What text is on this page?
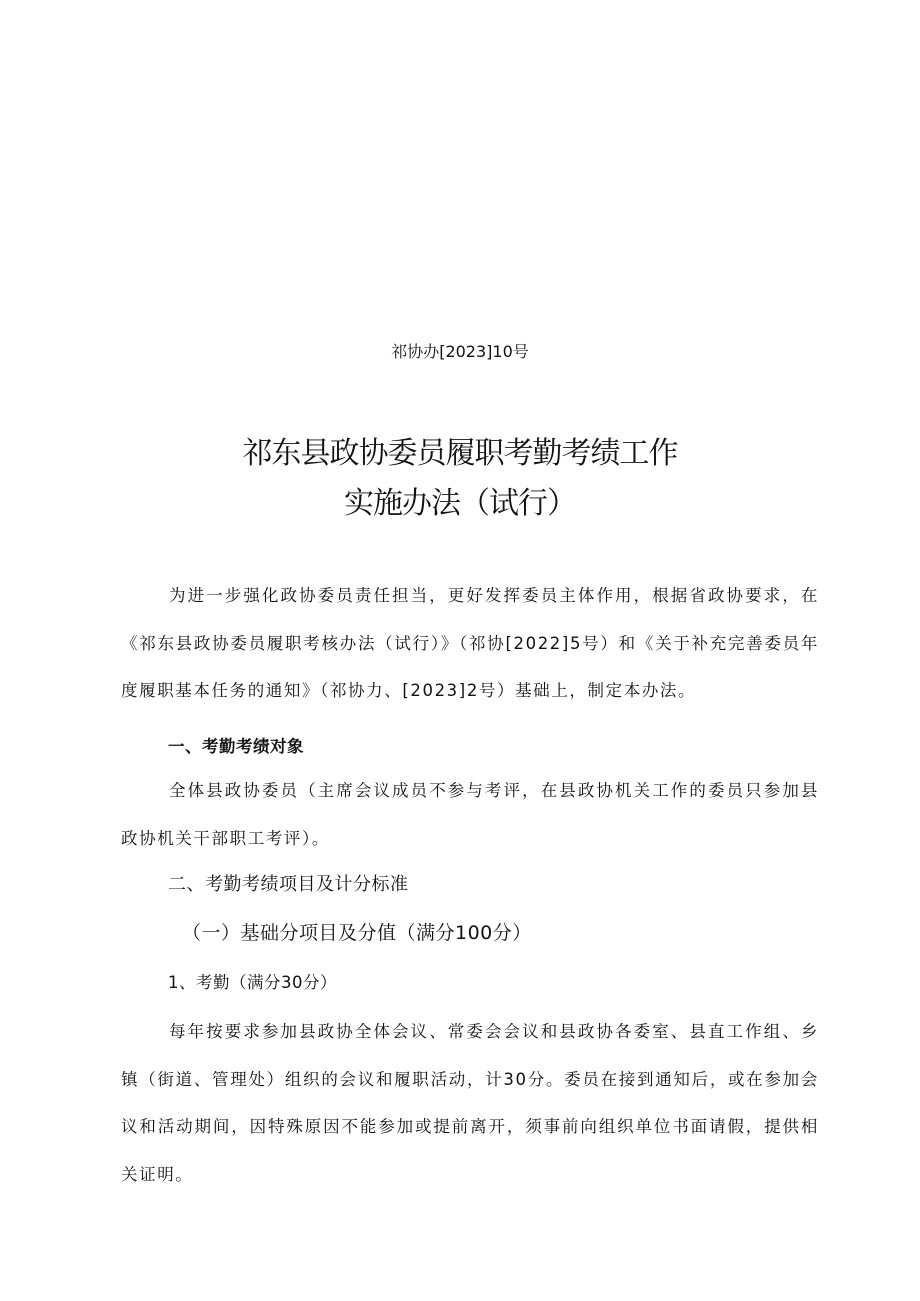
祁协办[2023]10号
祁东县政协委员履职考勤考绩工作
实施办法（试行）

为进一步强化政协委员责任担当，更好发挥委员主体作用，根据省政协要求，在《祁东县政协委员履职考核办法（试行）》（祁协[2022]5号）和《关于补充完善委员年度履职基本任务的通知》（祁协力、[2023]2号）基础上，制定本办法。

一、考勤考绩对象

全体县政协委员（主席会议成员不参与考评，在县政协机关工作的委员只参加县政协机关干部职工考评）。

二、考勤考绩项目及计分标准
（一）基础分项目及分值（满分100分）
1、考勤（满分30分）

每年按要求参加县政协全体会议、常委会会议和县政协各委室、县直工作组、乡镇（街道、管理处）组织的会议和履职活动，计30分。委员在接到通知后，或在参加会议和活动期间，因特殊原因不能参加或提前离开，须事前向组织单位书面请假，提供相关证明。
